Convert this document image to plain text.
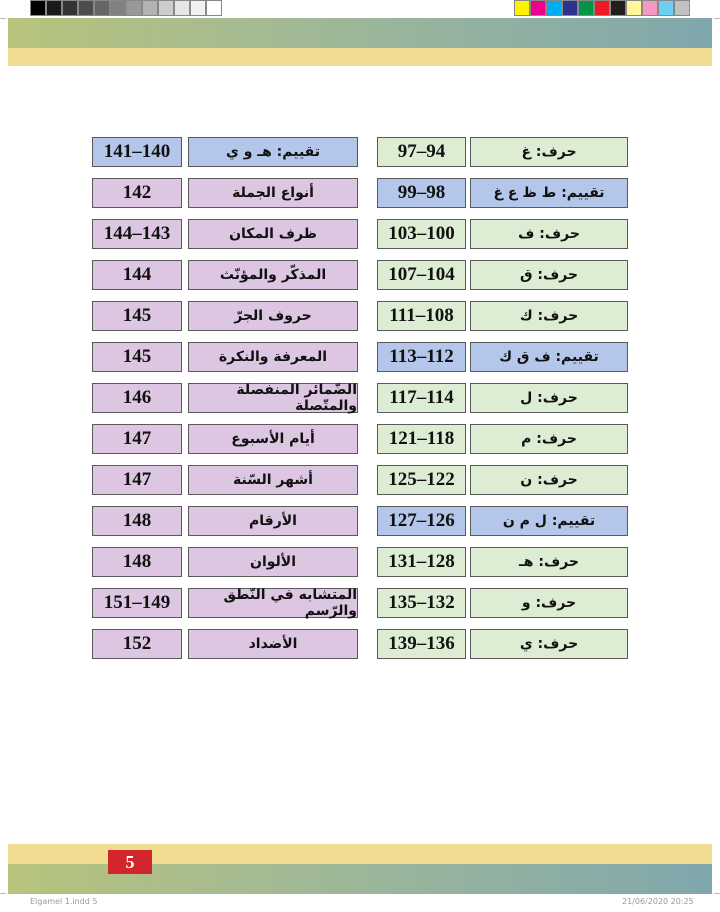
حرف: غ
97–94
تقييم: ط ظ ع غ
99–98
حرف: ف
103–100
حرف: ق
107–104
حرف: ك
111–108
تقييم: ف ق ك
113–112
حرف: ل
117–114
حرف: م
121–118
حرف: ن
125–122
تقييم: ل م ن
127–126
حرف: هـ
131–128
حرف: و
135–132
حرف: ي
139–136
تقييم: هـ و ي
141–140
أنواع الجملة
142
ظرف المكان
144–143
المذكّر والمؤنّث
144
حروف الجرّ
145
المعرفة والنكرة
145
الضّمائر المنفصلة والمتّصلة
146
أيام الأسبوع
147
أشهر السّنة
147
الأرقام
148
الألوان
148
المتشابه في النّطق والرّسم
151–149
الأضداد
152
5
Elgamel 1.indd 5	21/06/2020 20:25
